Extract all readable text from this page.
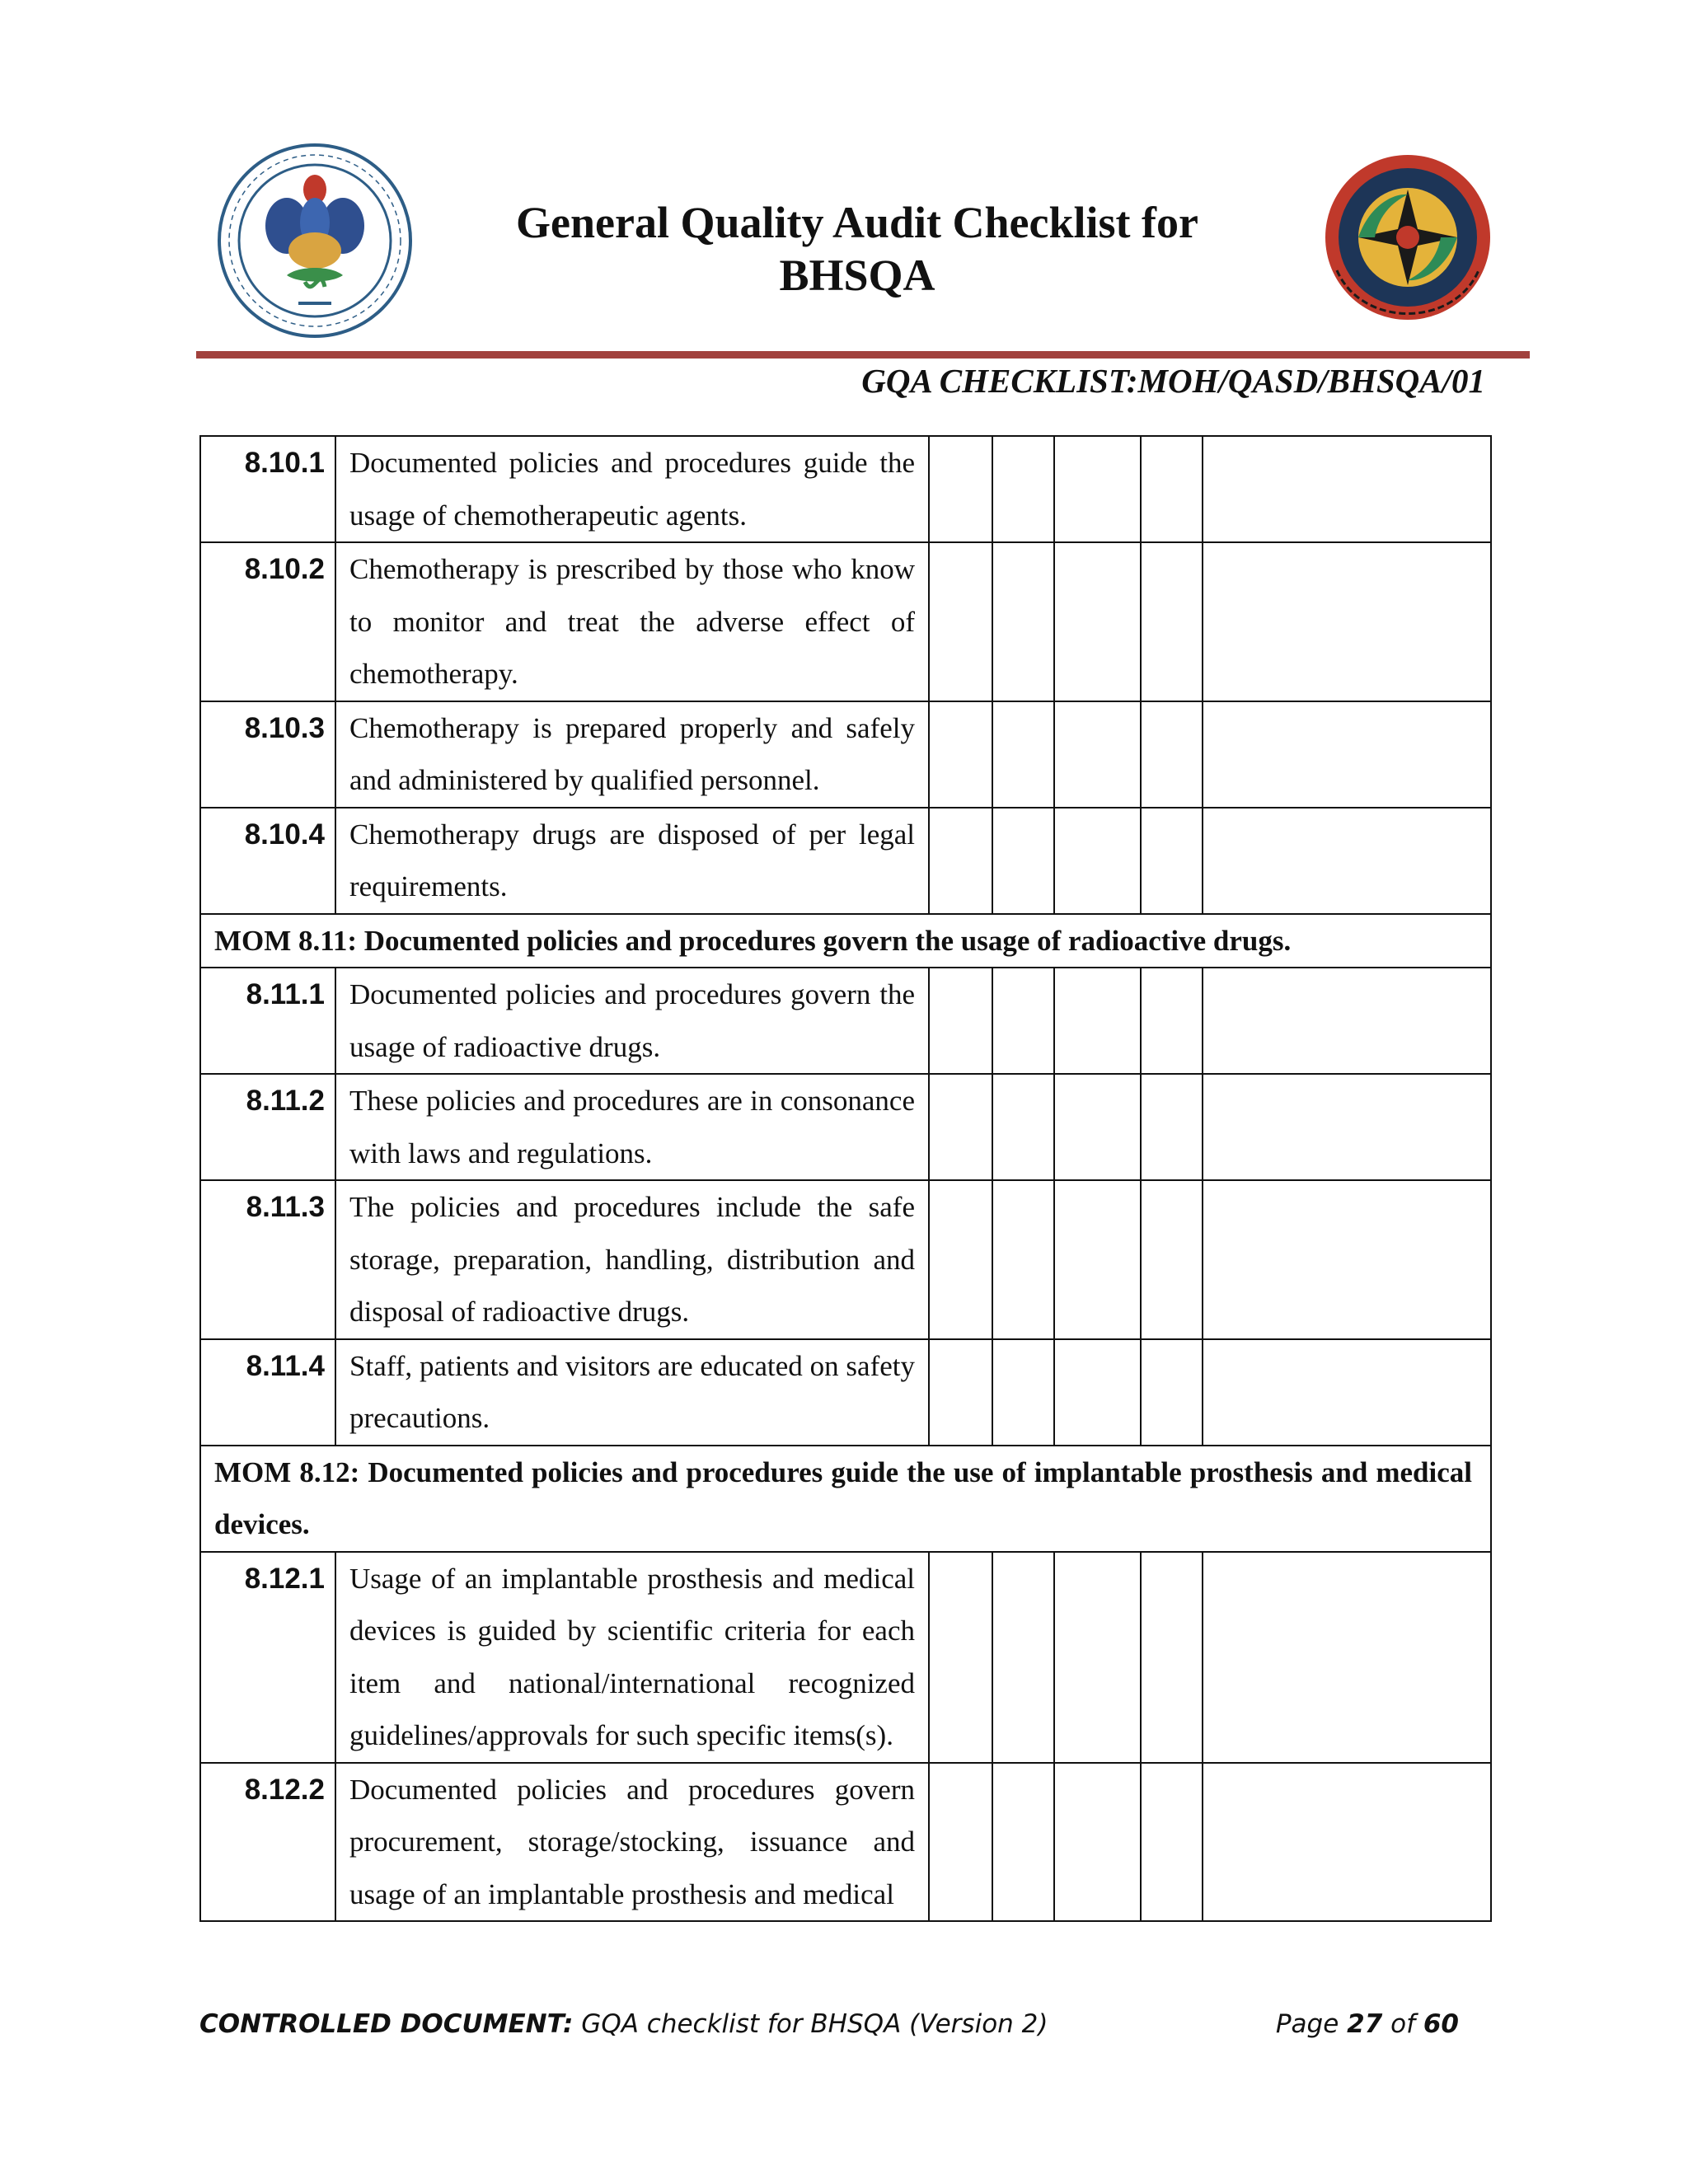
General Quality Audit Checklist for
BHSQA
GQA CHECKLIST:MOH/QASD/BHSQA/01
8.10.1	Documented policies and procedures guide the usage of chemotherapeutic agents.					
8.10.2	Chemotherapy is prescribed by those who know to monitor and treat the adverse effect of chemotherapy.					
8.10.3	Chemotherapy is prepared properly and safely and administered by qualified personnel.					
8.10.4	Chemotherapy drugs are disposed of per legal requirements.					
MOM 8.11: Documented policies and procedures govern the usage of radioactive drugs.						
8.11.1	Documented policies and procedures govern the usage of radioactive drugs.					
8.11.2	These policies and procedures are in consonance with laws and regulations.					
8.11.3	The policies and procedures include the safe storage, preparation, handling, distribution and disposal of radioactive drugs.					
8.11.4	Staff, patients and visitors are educated on safety precautions.					
MOM 8.12: Documented policies and procedures guide the use of implantable prosthesis and medical devices.						
8.12.1	Usage of an implantable prosthesis and medical devices is guided by scientific criteria for each item and national/international recognized guidelines/approvals for such specific items(s).					
8.12.2	Documented policies and procedures govern procurement, storage/stocking, issuance and usage of an implantable prosthesis and medical					
CONTROLLED DOCUMENT: GQA checklist for BHSQA (Version 2)	Page 27 of 60
